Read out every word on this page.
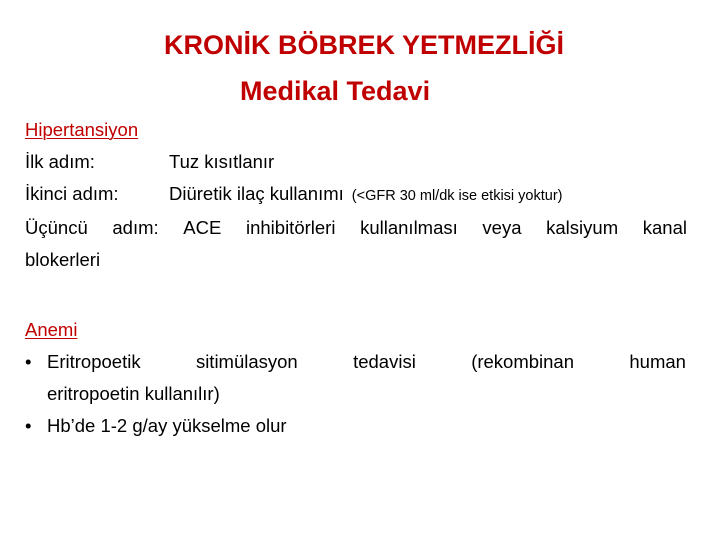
KRONİK BÖBREK YETMEZLİĞİ
Medikal Tedavi
Hipertansiyon
İlk adım:	Tuz kısıtlanır
İkinci adım:	Diüretik ilaç kullanımı (<GFR 30 ml/dk ise etkisi yoktur)
Üçüncü adım: ACE inhibitörleri kullanılması veya kalsiyum kanal
blokerleri
Anemi
• Eritropoetik	sitimülasyon	tedavisi	(rekombinan	human
eritropoetin kullanılır)
• Hb’de 1-2 g/ay yükselme olur
